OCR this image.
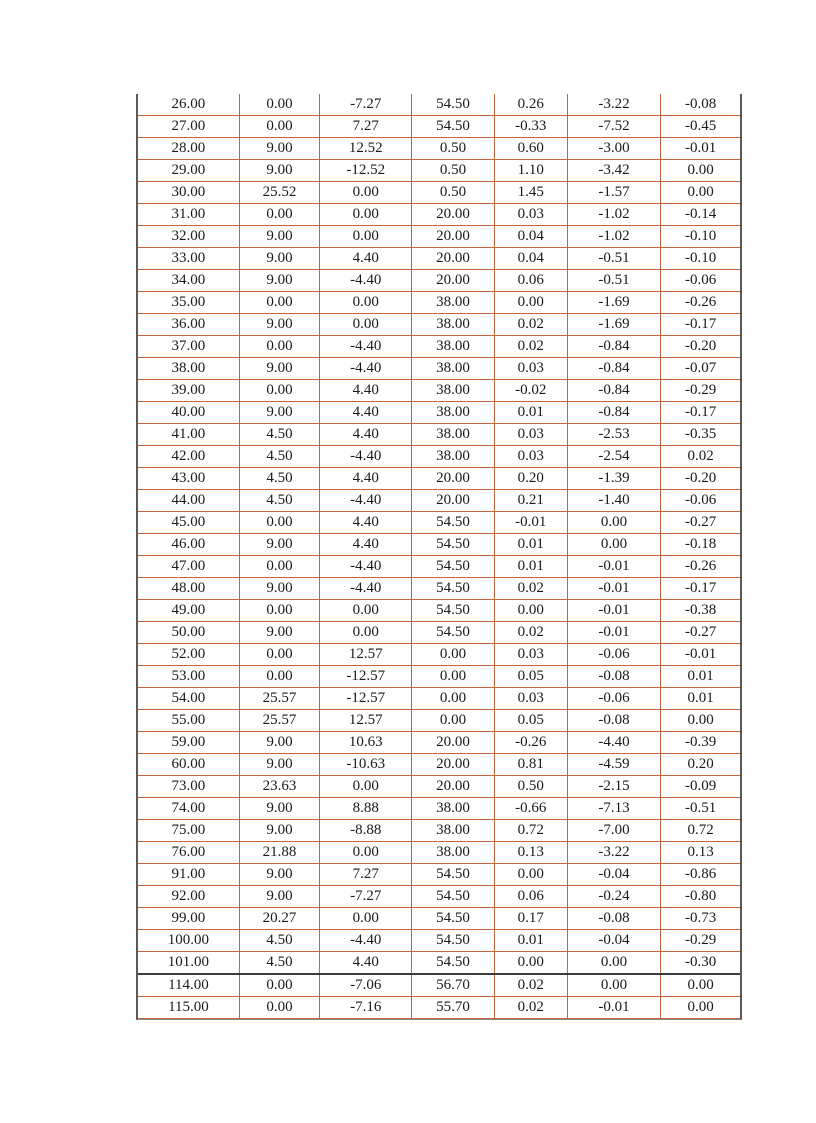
26.00	0.00	-7.27	54.50	0.26	-3.22	-0.08
27.00	0.00	7.27	54.50	-0.33	-7.52	-0.45
28.00	9.00	12.52	0.50	0.60	-3.00	-0.01
29.00	9.00	-12.52	0.50	1.10	-3.42	0.00
30.00	25.52	0.00	0.50	1.45	-1.57	0.00
31.00	0.00	0.00	20.00	0.03	-1.02	-0.14
32.00	9.00	0.00	20.00	0.04	-1.02	-0.10
33.00	9.00	4.40	20.00	0.04	-0.51	-0.10
34.00	9.00	-4.40	20.00	0.06	-0.51	-0.06
35.00	0.00	0.00	38.00	0.00	-1.69	-0.26
36.00	9.00	0.00	38.00	0.02	-1.69	-0.17
37.00	0.00	-4.40	38.00	0.02	-0.84	-0.20
38.00	9.00	-4.40	38.00	0.03	-0.84	-0.07
39.00	0.00	4.40	38.00	-0.02	-0.84	-0.29
40.00	9.00	4.40	38.00	0.01	-0.84	-0.17
41.00	4.50	4.40	38.00	0.03	-2.53	-0.35
42.00	4.50	-4.40	38.00	0.03	-2.54	0.02
43.00	4.50	4.40	20.00	0.20	-1.39	-0.20
44.00	4.50	-4.40	20.00	0.21	-1.40	-0.06
45.00	0.00	4.40	54.50	-0.01	0.00	-0.27
46.00	9.00	4.40	54.50	0.01	0.00	-0.18
47.00	0.00	-4.40	54.50	0.01	-0.01	-0.26
48.00	9.00	-4.40	54.50	0.02	-0.01	-0.17
49.00	0.00	0.00	54.50	0.00	-0.01	-0.38
50.00	9.00	0.00	54.50	0.02	-0.01	-0.27
52.00	0.00	12.57	0.00	0.03	-0.06	-0.01
53.00	0.00	-12.57	0.00	0.05	-0.08	0.01
54.00	25.57	-12.57	0.00	0.03	-0.06	0.01
55.00	25.57	12.57	0.00	0.05	-0.08	0.00
59.00	9.00	10.63	20.00	-0.26	-4.40	-0.39
60.00	9.00	-10.63	20.00	0.81	-4.59	0.20
73.00	23.63	0.00	20.00	0.50	-2.15	-0.09
74.00	9.00	8.88	38.00	-0.66	-7.13	-0.51
75.00	9.00	-8.88	38.00	0.72	-7.00	0.72
76.00	21.88	0.00	38.00	0.13	-3.22	0.13
91.00	9.00	7.27	54.50	0.00	-0.04	-0.86
92.00	9.00	-7.27	54.50	0.06	-0.24	-0.80
99.00	20.27	0.00	54.50	0.17	-0.08	-0.73
100.00	4.50	-4.40	54.50	0.01	-0.04	-0.29
101.00	4.50	4.40	54.50	0.00	0.00	-0.30
114.00	0.00	-7.06	56.70	0.02	0.00	0.00
115.00	0.00	-7.16	55.70	0.02	-0.01	0.00
